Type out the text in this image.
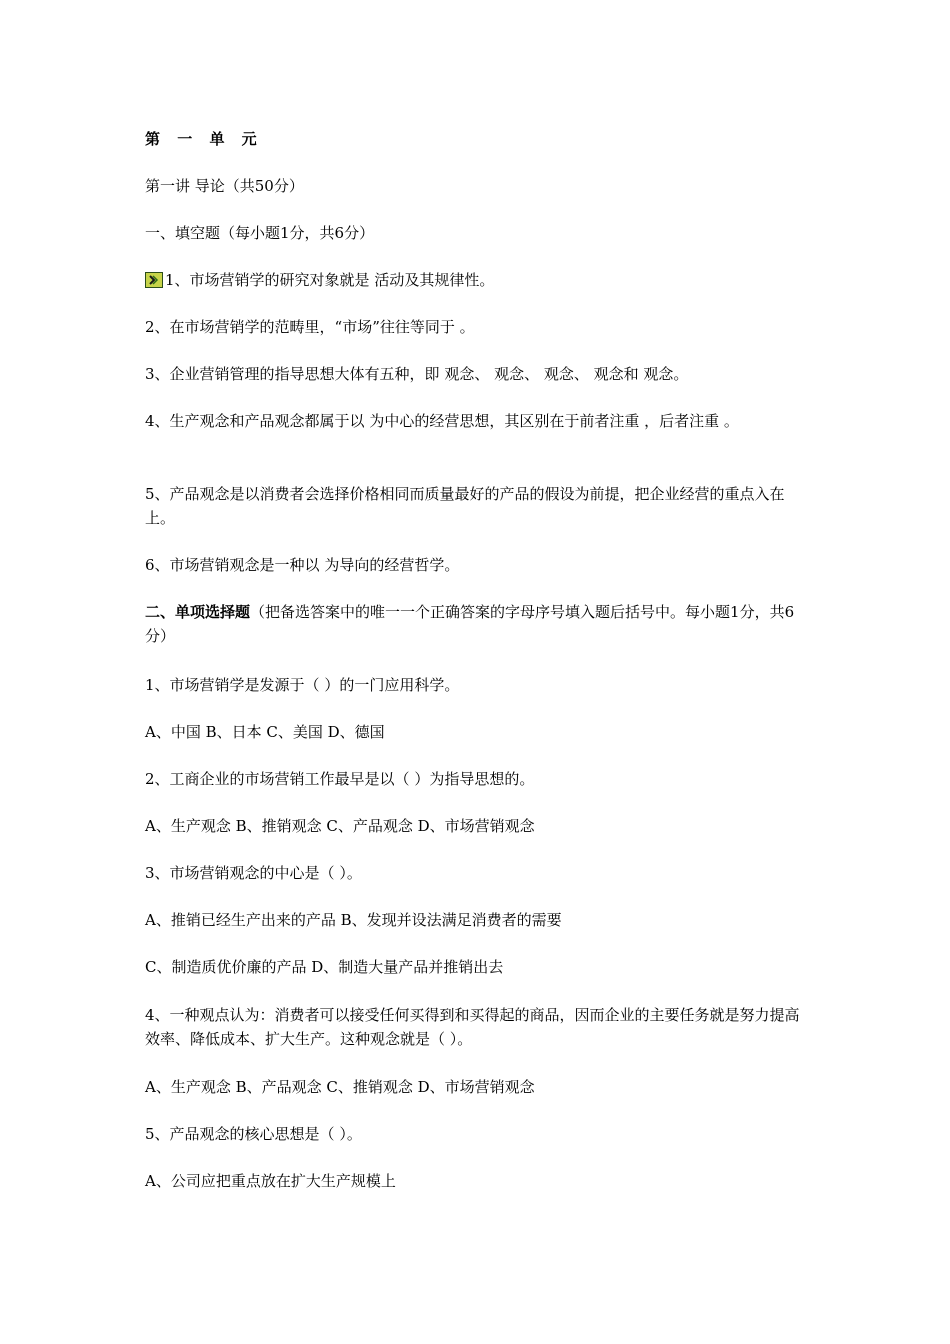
第 一 单 元
第一讲 导论（共50分）
一、填空题（每小题1分，共6分）
1、市场营销学的研究对象就是 活动及其规律性。
2、在市场营销学的范畴里，“市场”往往等同于 。
3、企业营销管理的指导思想大体有五种，即 观念、 观念、 观念、 观念和 观念。
4、生产观念和产品观念都属于以 为中心的经营思想，其区别在于前者注重 ，后者注重 。
5、产品观念是以消费者会选择价格相同而质量最好的产品的假设为前提，把企业经营的重点入在 上。
6、市场营销观念是一种以 为导向的经营哲学。
二、单项选择题（把备选答案中的唯一一个正确答案的字母序号填入题后括号中。每小题1分，共6分）
1、市场营销学是发源于（ ）的一门应用科学。
A、中国 B、日本 C、美国 D、德国
2、工商企业的市场营销工作最早是以（ ）为指导思想的。
A、生产观念 B、推销观念 C、产品观念 D、市场营销观念
3、市场营销观念的中心是（ ）。
A、推销已经生产出来的产品 B、发现并设法满足消费者的需要
C、制造质优价廉的产品 D、制造大量产品并推销出去
4、一种观点认为：消费者可以接受任何买得到和买得起的商品，因而企业的主要任务就是努力提高效率、降低成本、扩大生产。这种观念就是（ ）。
A、生产观念 B、产品观念 C、推销观念 D、市场营销观念
5、产品观念的核心思想是（ ）。
A、公司应把重点放在扩大生产规模上
